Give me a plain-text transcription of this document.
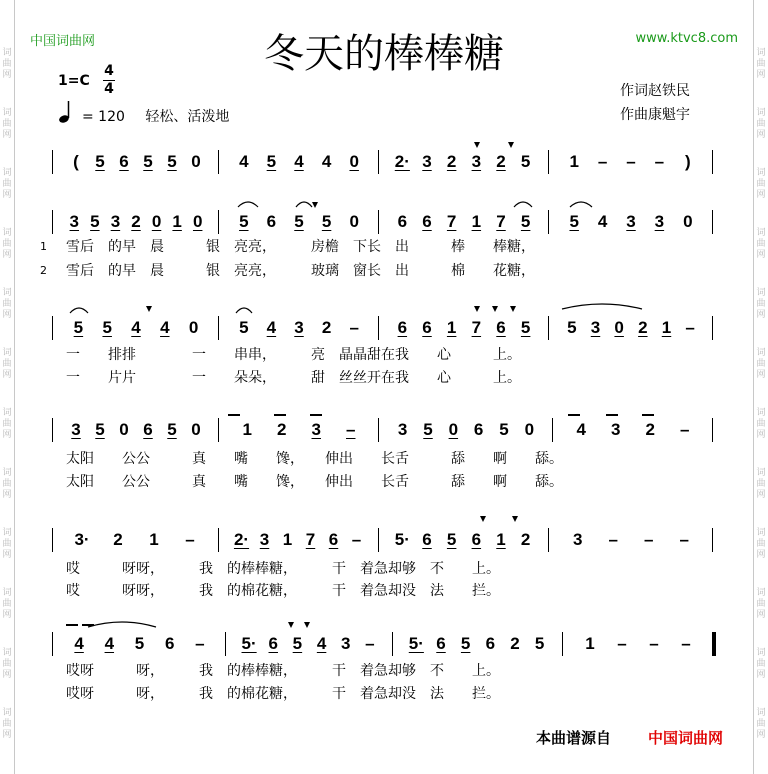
词
曲
网
词
曲
网
词
曲
网
词
曲
网
词
曲
网
词
曲
网
词
曲
网
词
曲
网
词
曲
网
词
曲
网
词
曲
网
词
曲
网
词
曲
网
词
曲
网
词
曲
网
词
曲
网
词
曲
网
词
曲
网
词
曲
网
词
曲
网
词
曲
网
词
曲
网
词
曲
网
词
曲
网
中国词曲网	www.ktvc8.com
冬天的棒棒糖
1=C
4
4
= 120 轻松、活泼地
作词赵铁民
作曲康魁宇
( 5 6 5 5 0 4 5 4 4 0 2· 3 2 3 2 5 1 – – –	)
3 5 3 2 0 1 0 5 6 5 5 0 6 6 7 1 7 5 5 4 3 3 0
雪后　的早　晨　　　银　亮亮，　　　房檐　下长　出　　　棒　　棒糖，
1
雪后　的早　晨　　　银　亮亮，　　　玻璃　窗长　出　　　棉　　花糖，
2
5 5 4 4 0 5 4 3 2 – 6 6 1 7 6 5 5 3 0 2 1 –
一　　排排　　　　一　　串串，　　　亮　晶晶甜在我　　心　　　上。
一　　片片　　　　一　　朵朵，　　　甜　丝丝开在我　　心　　　上。
3 5 0 6 5 0 1 2 3 – 3 5 0 6 5 0 4 3 2 –
太阳　　公公　　　真　　嘴　　馋，　　伸出　　长舌　　　舔　　啊　　舔。
太阳　　公公　　　真　　嘴　　馋，　　伸出　　长舌　　　舔　　啊　　舔。
3· 2 1 – 2· 3 1 7 6 – 5· 6 5 6 1 2	3 – – –
哎　　　呀呀，　　　我　的棒棒糖，　　　干　着急却够　不　　上。
哎　　　呀呀，　　　我　的棉花糖，　　　干　着急却没　法　　拦。
4 4 5 6 – 5· 6 5 4 3 – 5· 6 5 6 2 5 1 – – –
哎呀　　　呀，　　　我　的棒棒糖，　　　干　着急却够　不　　上。
哎呀　　　呀，　　　我　的棉花糖，　　　干　着急却没　法　　拦。
本曲谱源自 中国词曲网
